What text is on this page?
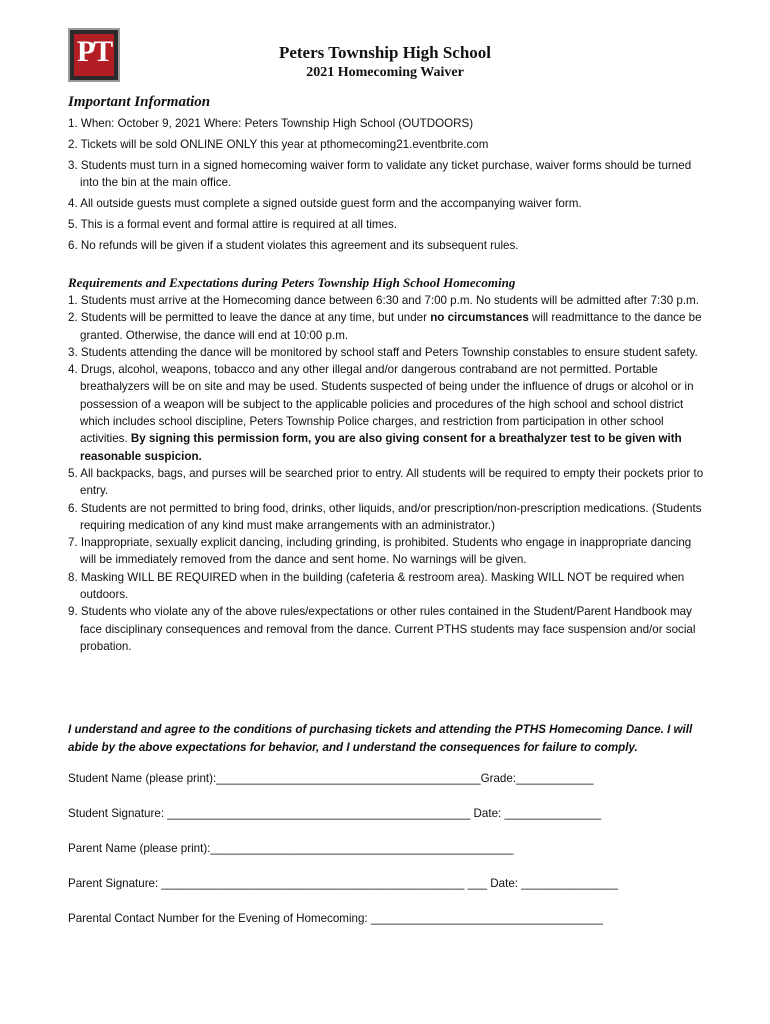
PT	Peters Township High School
2021 Homecoming Waiver
Important Information
1. When: October 9, 2021 Where: Peters Township High School (OUTDOORS)
2. Tickets will be sold ONLINE ONLY this year at pthomecoming21.eventbrite.com
3. Students must turn in a signed homecoming waiver form to validate any ticket purchase, waiver forms should be turned into the bin at the main office.
4. All outside guests must complete a signed outside guest form and the accompanying waiver form.
5. This is a formal event and formal attire is required at all times.
6. No refunds will be given if a student violates this agreement and its subsequent rules.
Requirements and Expectations during Peters Township High School Homecoming
1. Students must arrive at the Homecoming dance between 6:30 and 7:00 p.m. No students will be admitted after 7:30 p.m.
2. Students will be permitted to leave the dance at any time, but under no circumstances will readmittance to the dance be granted. Otherwise, the dance will end at 10:00 p.m.
3. Students attending the dance will be monitored by school staff and Peters Township constables to ensure student safety.
4. Drugs, alcohol, weapons, tobacco and any other illegal and/or dangerous contraband are not permitted. Portable breathalyzers will be on site and may be used. Students suspected of being under the influence of drugs or alcohol or in possession of a weapon will be subject to the applicable policies and procedures of the high school and school district which includes school discipline, Peters Township Police charges, and restriction from participation in other school activities. By signing this permission form, you are also giving consent for a breathalyzer test to be given with reasonable suspicion.
5. All backpacks, bags, and purses will be searched prior to entry. All students will be required to empty their pockets prior to entry.
6. Students are not permitted to bring food, drinks, other liquids, and/or prescription/non-prescription medications. (Students requiring medication of any kind must make arrangements with an administrator.)
7. Inappropriate, sexually explicit dancing, including grinding, is prohibited. Students who engage in inappropriate dancing will be immediately removed from the dance and sent home. No warnings will be given.
8. Masking WILL BE REQUIRED when in the building (cafeteria & restroom area). Masking WILL NOT be required when outdoors.
9. Students who violate any of the above rules/expectations or other rules contained in the Student/Parent Handbook may face disciplinary consequences and removal from the dance. Current PTHS students may face suspension and/or social probation.
I understand and agree to the conditions of purchasing tickets and attending the PTHS Homecoming Dance. I will abide by the above expectations for behavior, and I understand the consequences for failure to comply.
Student Name (please print):_________________________________________Grade:____________
Student Signature: _______________________________________________ Date: _______________
Parent Name (please print):_______________________________________________
Parent Signature: _______________________________________________ ___ Date: _______________
Parental Contact Number for the Evening of Homecoming: ____________________________________
